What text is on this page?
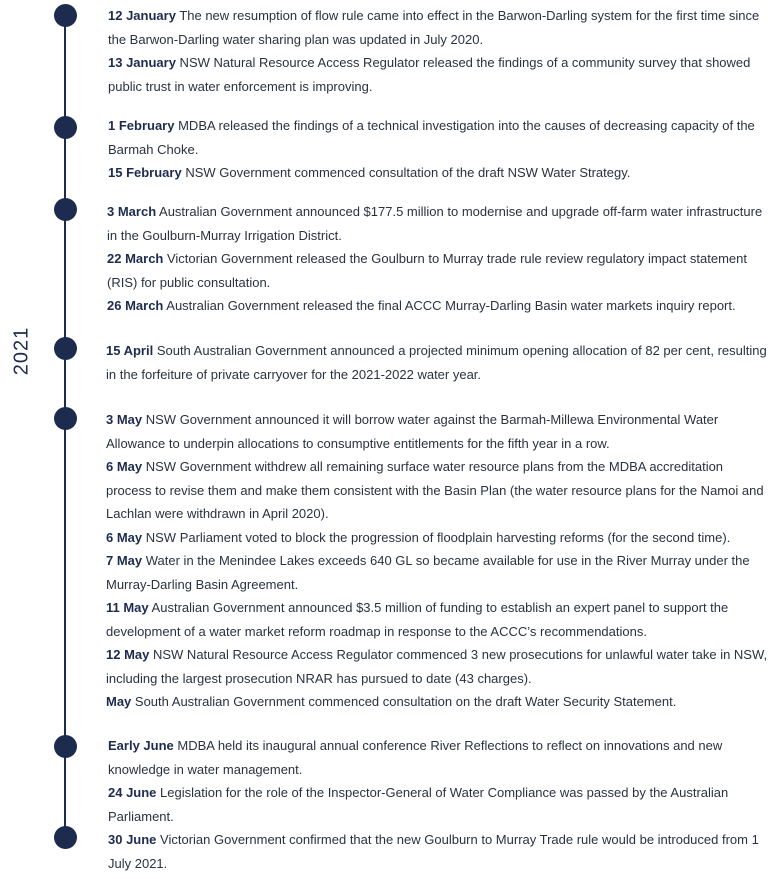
2021

12 January The new resumption of flow rule came into effect in the Barwon-Darling system for the first time since the Barwon-Darling water sharing plan was updated in July 2020.

13 January NSW Natural Resource Access Regulator released the findings of a community survey that showed public trust in water enforcement is improving.

1 February MDBA released the findings of a technical investigation into the causes of decreasing capacity of the Barmah Choke.

15 February NSW Government commenced consultation of the draft NSW Water Strategy.

3 March Australian Government announced $177.5 million to modernise and upgrade off-farm water infrastructure in the Goulburn-Murray Irrigation District.

22 March Victorian Government released the Goulburn to Murray trade rule review regulatory impact statement (RIS) for public consultation.

26 March Australian Government released the final ACCC Murray-Darling Basin water markets inquiry report.

15 April South Australian Government announced a projected minimum opening allocation of 82 per cent, resulting in the forfeiture of private carryover for the 2021-2022 water year.

3 May NSW Government announced it will borrow water against the Barmah-Millewa Environmental Water Allowance to underpin allocations to consumptive entitlements for the fifth year in a row.

6 May NSW Government withdrew all remaining surface water resource plans from the MDBA accreditation process to revise them and make them consistent with the Basin Plan (the water resource plans for the Namoi and Lachlan were withdrawn in April 2020).

6 May NSW Parliament voted to block the progression of floodplain harvesting reforms (for the second time).

7 May Water in the Menindee Lakes exceeds 640 GL so became available for use in the River Murray under the Murray-Darling Basin Agreement.

11 May Australian Government announced $3.5 million of funding to establish an expert panel to support the development of a water market reform roadmap in response to the ACCC’s recommendations.

12 May NSW Natural Resource Access Regulator commenced 3 new prosecutions for unlawful water take in NSW, including the largest prosecution NRAR has pursued to date (43 charges).

May South Australian Government commenced consultation on the draft Water Security Statement.

Early June MDBA held its inaugural annual conference River Reflections to reflect on innovations and new knowledge in water management.

24 June Legislation for the role of the Inspector-General of Water Compliance was passed by the Australian Parliament.

30 June Victorian Government confirmed that the new Goulburn to Murray Trade rule would be introduced from 1 July 2021.
